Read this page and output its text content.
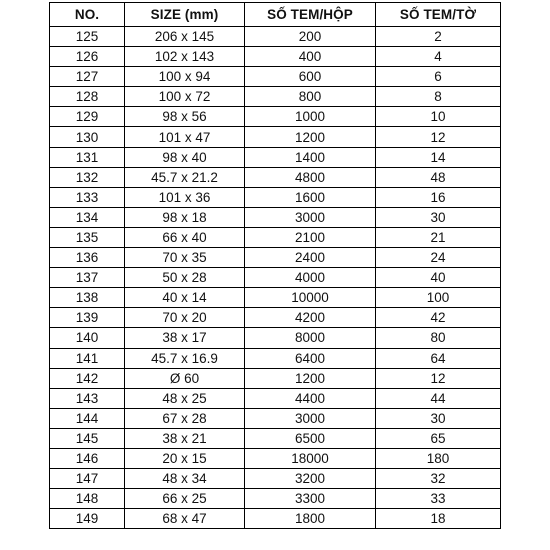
NO.	SIZE (mm)	SỐ TEM/HỘP	SỐ TEM/TỜ
125	206 x 145	200	2
126	102 x 143	400	4
127	100 x 94	600	6
128	100 x 72	800	8
129	98 x 56	1000	10
130	101 x 47	1200	12
131	98 x 40	1400	14
132	45.7 x 21.2	4800	48
133	101 x 36	1600	16
134	98 x 18	3000	30
135	66 x 40	2100	21
136	70 x 35	2400	24
137	50 x 28	4000	40
138	40 x 14	10000	100
139	70 x 20	4200	42
140	38 x 17	8000	80
141	45.7 x 16.9	6400	64
142	Ø 60	1200	12
143	48 x 25	4400	44
144	67 x 28	3000	30
145	38 x 21	6500	65
146	20 x 15	18000	180
147	48 x 34	3200	32
148	66 x 25	3300	33
149	68 x 47	1800	18
